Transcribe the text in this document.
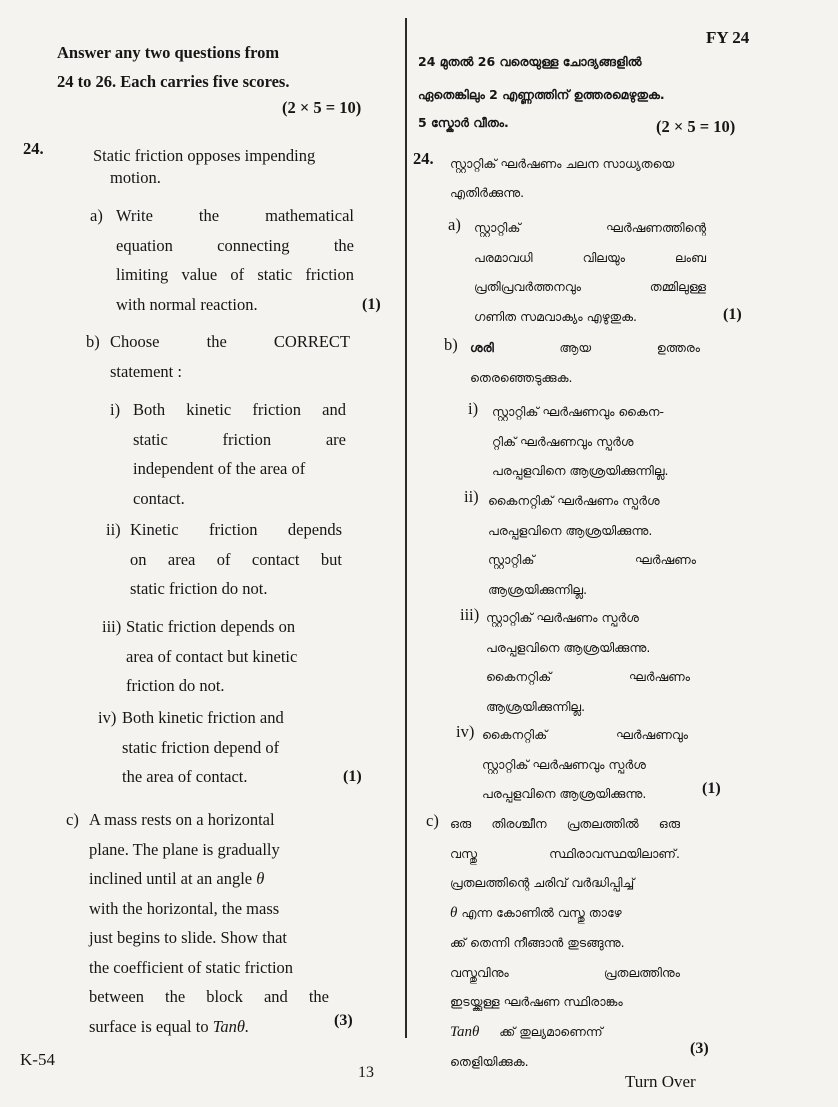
FY 24
13
K-54
Turn Over
Answer any two questions from
24 to 26. Each carries five scores.
(2 × 5 = 10)
24.	Static friction opposes impending
motion.
a) Write the mathematical
equation connecting the
limiting value of static friction
with normal reaction.	(1)
b) Choose the CORRECT
statement :
i) Both kinetic friction and
static friction are
independent of the area of
contact.
ii) Kinetic friction depends
on area of contact but
static friction do not.
iii) Static friction depends on
area of contact but kinetic
friction do not.
iv) Both kinetic friction and
static friction depend of
the area of contact.	(1)
c) A mass rests on a horizontal
plane. The plane is gradually
inclined until at an angle θ
with the horizontal, the mass
just begins to slide. Show that
the coefficient of static friction
between the block and the
surface is equal to Tanθ.	(3)
24 മുതൽ 26 വരെയുള്ള ചോദ്യങ്ങളിൽ
ഏതെങ്കിലും 2 എണ്ണത്തിന് ഉത്തരമെഴുതുക.
5 സ്കോർ വീതം.	(2 × 5 = 10)
24. സ്റ്റാറ്റിക് ഘർഷണം ചലന സാധ്യതയെ
എതിർക്കുന്നു.
a) സ്റ്റാറ്റിക് ഘർഷണത്തിന്റെ
പരമാവധി വിലയും ലംബ
പ്രതിപ്രവർത്തനവും തമ്മിലുള്ള
ഗണിത സമവാക്യം എഴുതുക.	(1)
b) ശരി	ആയ ഉത്തരം
തെരഞ്ഞെടുക്കുക.
i) സ്റ്റാറ്റിക് ഘർഷണവും കൈന-
റ്റിക് ഘർഷണവും സ്പർശ
പരപ്പളവിനെ ആശ്രയിക്കുന്നില്ല.
ii) കൈനറ്റിക് ഘർഷണം സ്പർശ
പരപ്പളവിനെ ആശ്രയിക്കുന്നു.
സ്റ്റാറ്റിക് ഘർഷണം
ആശ്രയിക്കുന്നില്ല.
iii) സ്റ്റാറ്റിക് ഘർഷണം സ്പർശ
പരപ്പളവിനെ ആശ്രയിക്കുന്നു.
കൈനറ്റിക് ഘർഷണം
ആശ്രയിക്കുന്നില്ല.
iv) കൈനറ്റിക് ഘർഷണവും
സ്റ്റാറ്റിക് ഘർഷണവും സ്പർശ
പരപ്പളവിനെ ആശ്രയിക്കുന്നു.	(1)
c) ഒരു തിരശ്ചീന പ്രതലത്തിൽ ഒരു
വസ്തു സ്ഥിരാവസ്ഥയിലാണ്.
പ്രതലത്തിന്റെ ചരിവ് വർദ്ധിപ്പിച്ച്
θ എന്ന കോണിൽ വസ്തു താഴേ
ക്ക് തെന്നി നീങ്ങാൻ തുടങ്ങുന്നു.
വസ്തുവിനും പ്രതലത്തിനും
ഇടയ്ക്കുള്ള ഘർഷണ സ്ഥിരാങ്കം
Tanθ ക്ക് തുല്യമാണെന്ന്
തെളിയിക്കുക.
(3)
